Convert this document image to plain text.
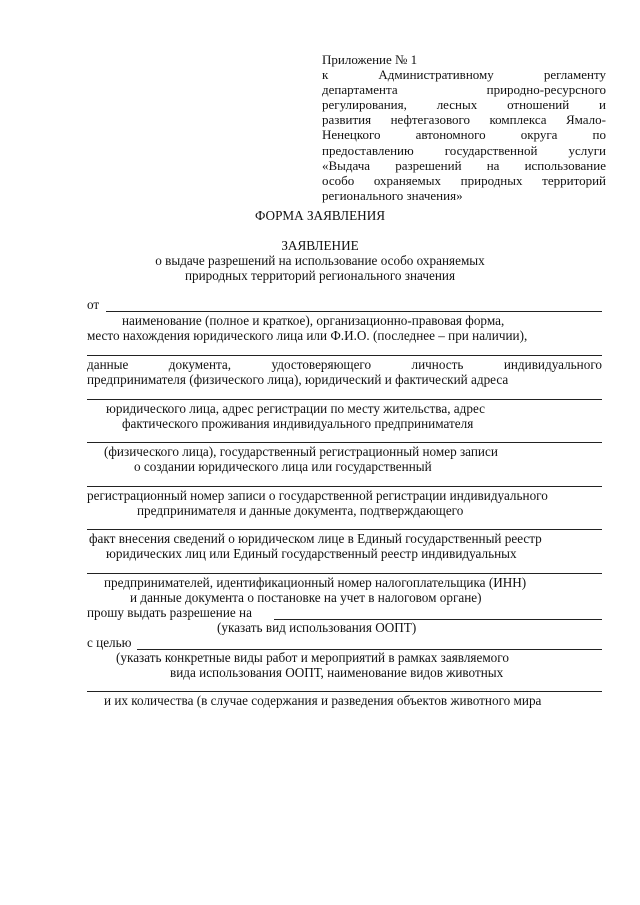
Приложение № 1
к Административному регламенту
департамента природно-ресурсного
регулирования, лесных отношений и
развития нефтегазового комплекса Ямало-
Ненецкого автономного округа по
предоставлению государственной услуги
«Выдача разрешений на использование
особо охраняемых природных территорий
регионального значения»
ФОРМА ЗАЯВЛЕНИЯ
ЗАЯВЛЕНИЕ
о выдаче разрешений на использование особо охраняемых
природных территорий регионального значения
от
наименование (полное и краткое), организационно-правовая форма,
место нахождения юридического лица или Ф.И.О. (последнее – при наличии),
данные документа, удостоверяющего личность индивидуального
предпринимателя (физического лица), юридический и фактический адреса
юридического лица, адрес регистрации по месту жительства, адрес
фактического проживания индивидуального предпринимателя
(физического лица), государственный регистрационный номер записи
о создании юридического лица или государственный
регистрационный номер записи о государственной регистрации индивидуального
предпринимателя и данные документа, подтверждающего
факт внесения сведений о юридическом лице в Единый государственный реестр
юридических лиц или Единый государственный реестр индивидуальных
предпринимателей, идентификационный номер налогоплательщика (ИНН)
и данные документа о постановке на учет в налоговом органе)
прошу выдать разрешение на
(указать вид использования ООПТ)
с целью
(указать конкретные виды работ и мероприятий в рамках заявляемого
вида использования ООПТ, наименование видов животных
и их количества (в случае содержания и разведения объектов животного мира
